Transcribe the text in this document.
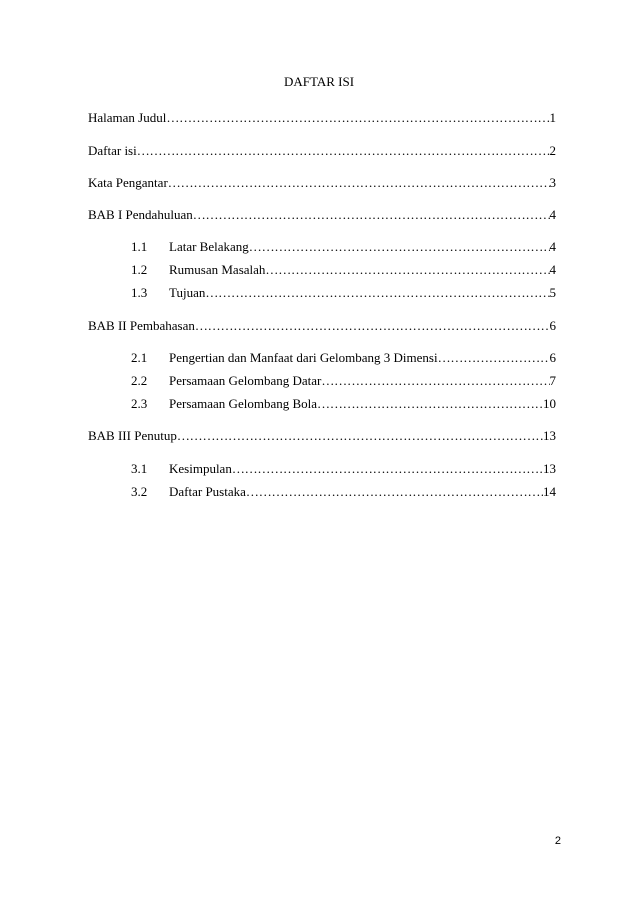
DAFTAR ISI
Halaman Judul ……………………………………………………………………………………………………………………………………………………	1
Daftar isi ……………………………………………………………………………………………………………………………………………………	2
Kata Pengantar ……………………………………………………………………………………………………………………………………………………	3
BAB I Pendahuluan ……………………………………………………………………………………………………………………………………………………	4
1.1	Latar Belakang ……………………………………………………………………………………………………………………………………………………	4
1.2	Rumusan Masalah ……………………………………………………………………………………………………………………………………………………	4
1.3	Tujuan ……………………………………………………………………………………………………………………………………………………	5
BAB II Pembahasan ……………………………………………………………………………………………………………………………………………………	6
2.1	Pengertian dan Manfaat dari Gelombang 3 Dimensi ……………………………………………………………………………………………………………………………………………………	6
2.2	Persamaan Gelombang Datar ……………………………………………………………………………………………………………………………………………………	7
2.3	Persamaan Gelombang Bola ……………………………………………………………………………………………………………………………………………………	10
BAB III Penutup ……………………………………………………………………………………………………………………………………………………	13
3.1	Kesimpulan ……………………………………………………………………………………………………………………………………………………	13
3.2	Daftar Pustaka ……………………………………………………………………………………………………………………………………………………	14
2
